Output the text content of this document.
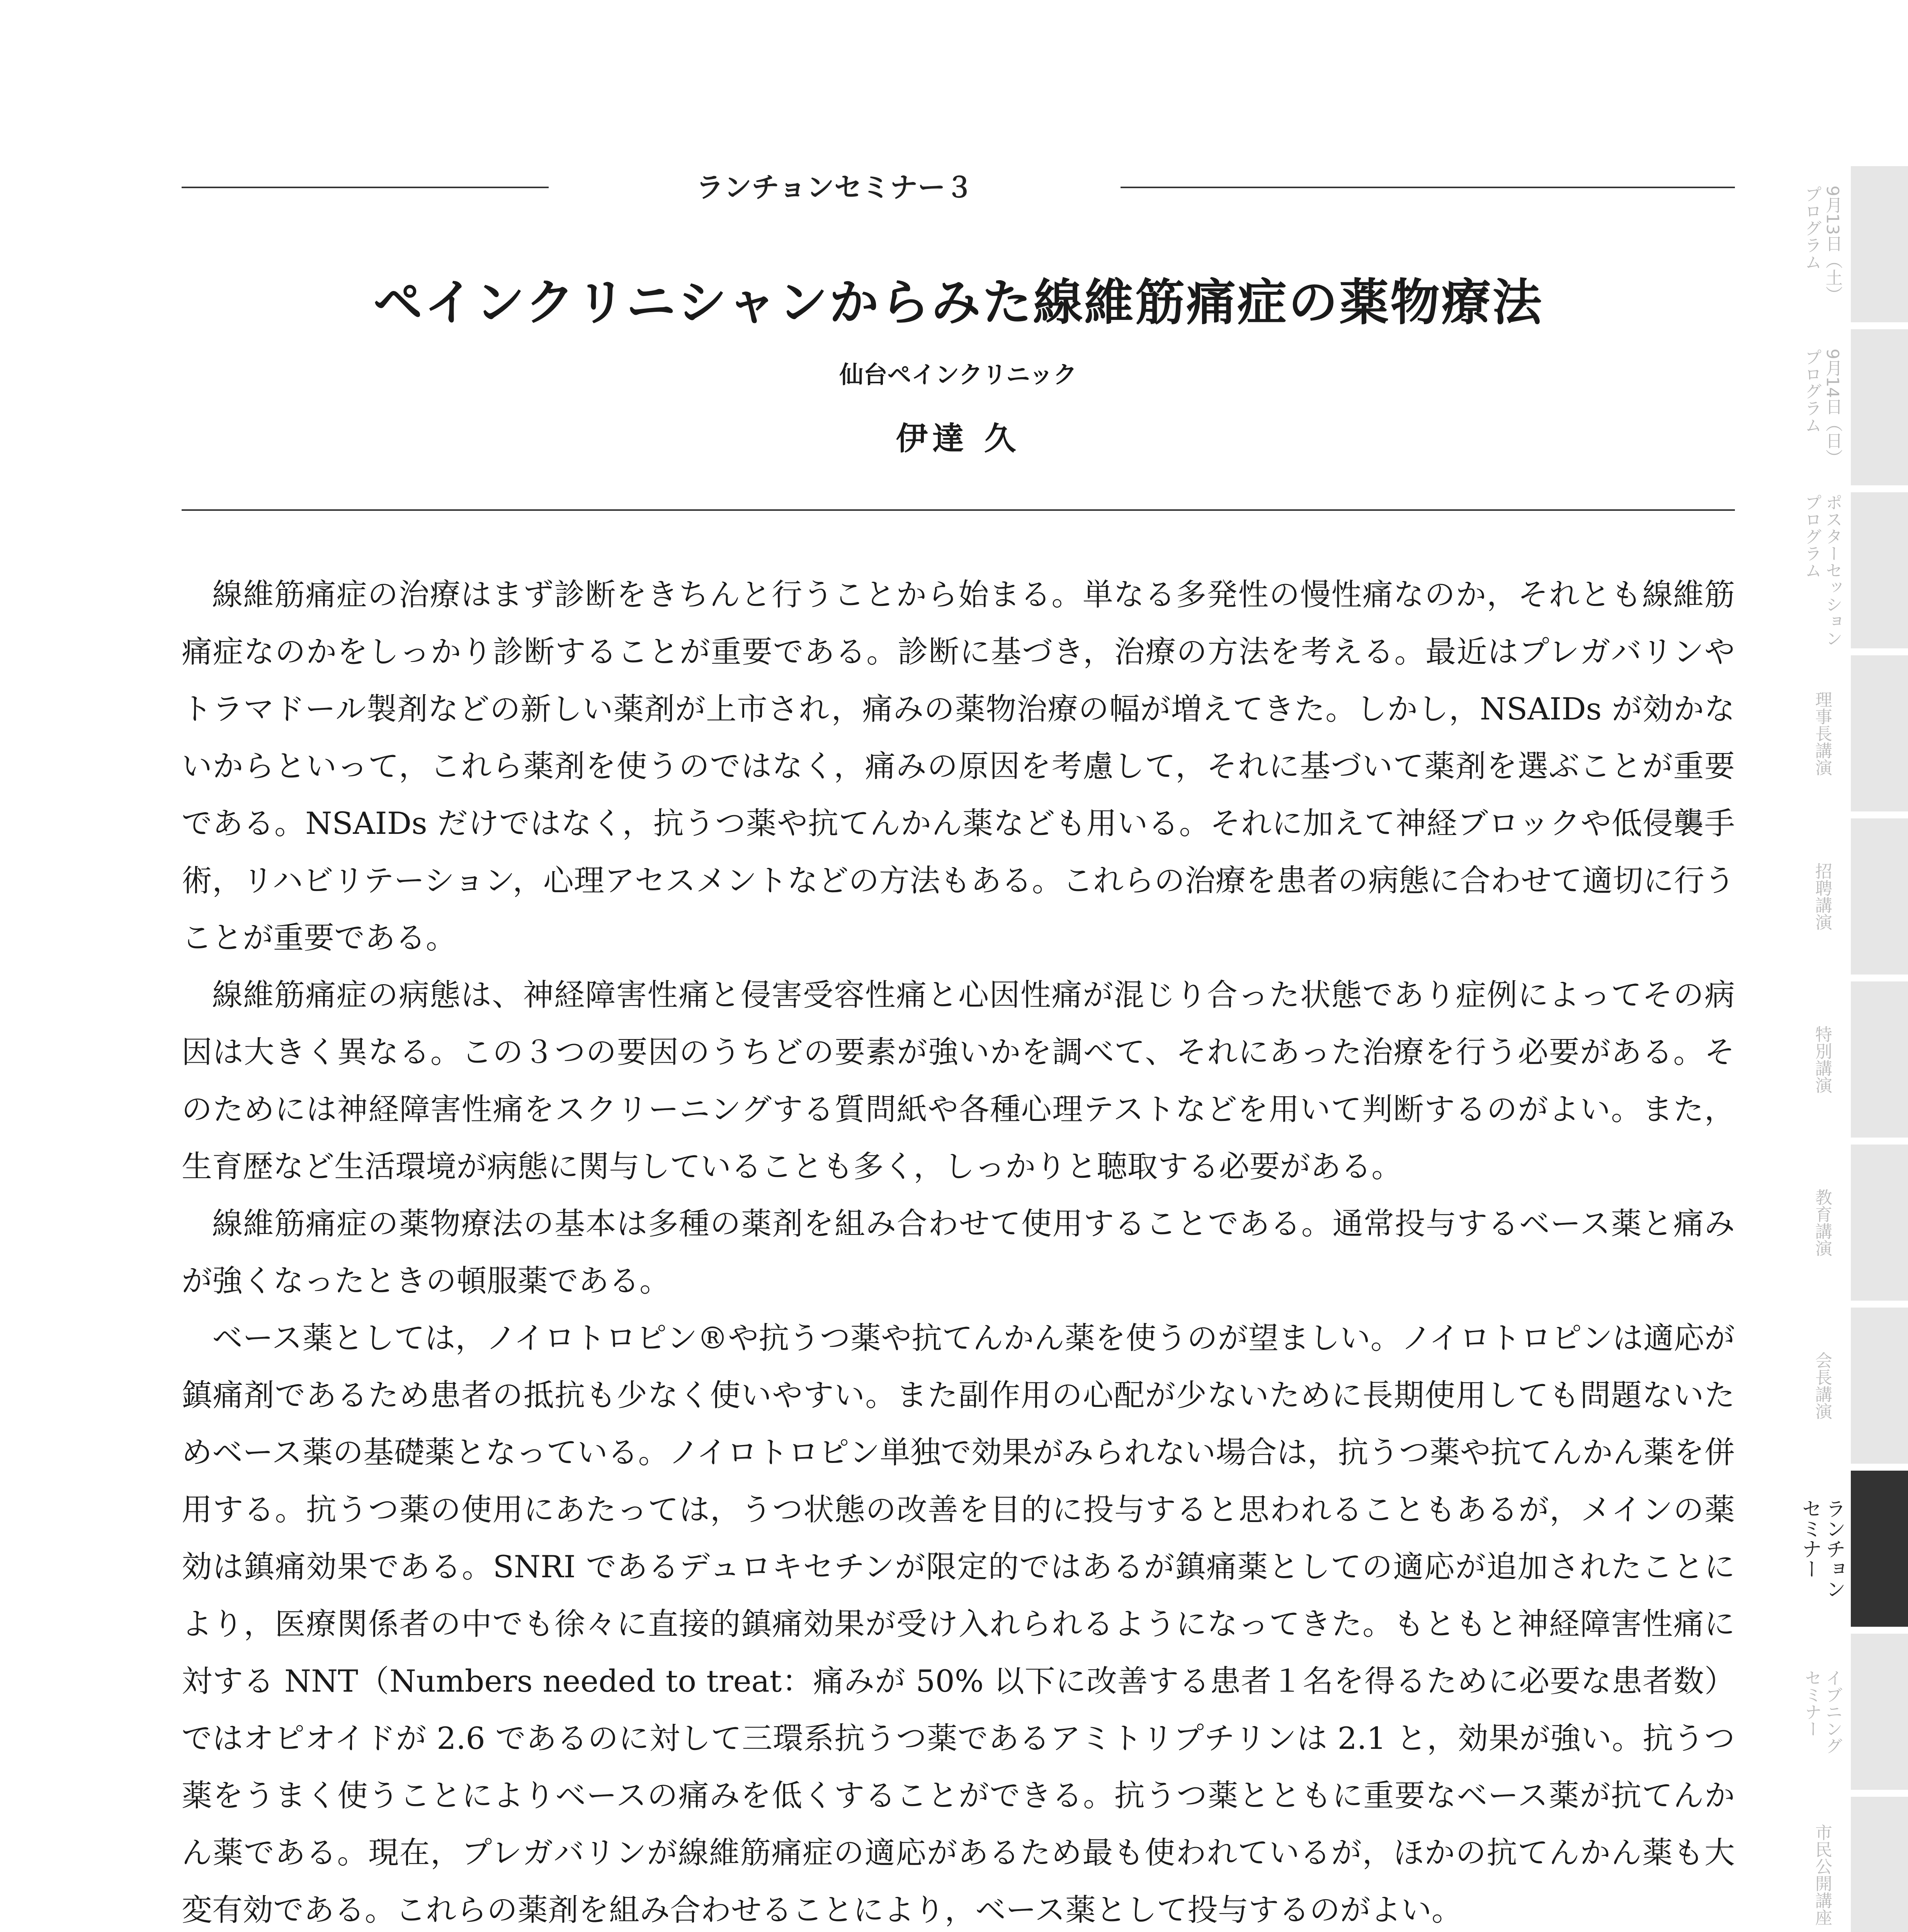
ランチョンセミナー３
ペインクリニシャンからみた線維筋痛症の薬物療法
仙台ペインクリニック
伊達 久

線維筋痛症の治療はまず診断をきちんと行うことから始まる。単なる多発性の慢性痛なのか，それとも線維筋痛症なのかをしっかり診断することが重要である。診断に基づき，治療の方法を考える。最近はプレガバリンやトラマドール製剤などの新しい薬剤が上市され，痛みの薬物治療の幅が増えてきた。しかし，NSAIDs が効かないからといって，これら薬剤を使うのではなく，痛みの原因を考慮して，それに基づいて薬剤を選ぶことが重要である。NSAIDs だけではなく，抗うつ薬や抗てんかん薬なども用いる。それに加えて神経ブロックや低侵襲手術，リハビリテーション，心理アセスメントなどの方法もある。これらの治療を患者の病態に合わせて適切に行うことが重要である。

線維筋痛症の病態は、神経障害性痛と侵害受容性痛と心因性痛が混じり合った状態であり症例によってその病因は大きく異なる。この３つの要因のうちどの要素が強いかを調べて、それにあった治療を行う必要がある。そのためには神経障害性痛をスクリーニングする質問紙や各種心理テストなどを用いて判断するのがよい。また，生育歴など生活環境が病態に関与していることも多く，しっかりと聴取する必要がある。

線維筋痛症の薬物療法の基本は多種の薬剤を組み合わせて使用することである。通常投与するベース薬と痛みが強くなったときの頓服薬である。

ベース薬としては，ノイロトロピン®や抗うつ薬や抗てんかん薬を使うのが望ましい。ノイロトロピンは適応が鎮痛剤であるため患者の抵抗も少なく使いやすい。また副作用の心配が少ないために長期使用しても問題ないためベース薬の基礎薬となっている。ノイロトロピン単独で効果がみられない場合は，抗うつ薬や抗てんかん薬を併用する。抗うつ薬の使用にあたっては，うつ状態の改善を目的に投与すると思われることもあるが，メインの薬効は鎮痛効果である。SNRI であるデュロキセチンが限定的ではあるが鎮痛薬としての適応が追加されたことにより，医療関係者の中でも徐々に直接的鎮痛効果が受け入れられるようになってきた。もともと神経障害性痛に対する NNT（Numbers needed to treat：痛みが 50% 以下に改善する患者１名を得るために必要な患者数）ではオピオイドが 2.6 であるのに対して三環系抗うつ薬であるアミトリプチリンは 2.1 と，効果が強い。抗うつ薬をうまく使うことによりベースの痛みを低くすることができる。抗うつ薬とともに重要なベース薬が抗てんかん薬である。現在，プレガバリンが線維筋痛症の適応があるため最も使われているが，ほかの抗てんかん薬も大変有効である。これらの薬剤を組み合わせることにより，ベース薬として投与するのがよい。

9月13日（土）
プログラム
9月14日（日）
プログラム
ポスターセッション
プログラム
理事長講演
招聘講演
特別講演
教育講演
会長講演
ランチョン
セミナー
イブニング
セミナー
市民公開講座
